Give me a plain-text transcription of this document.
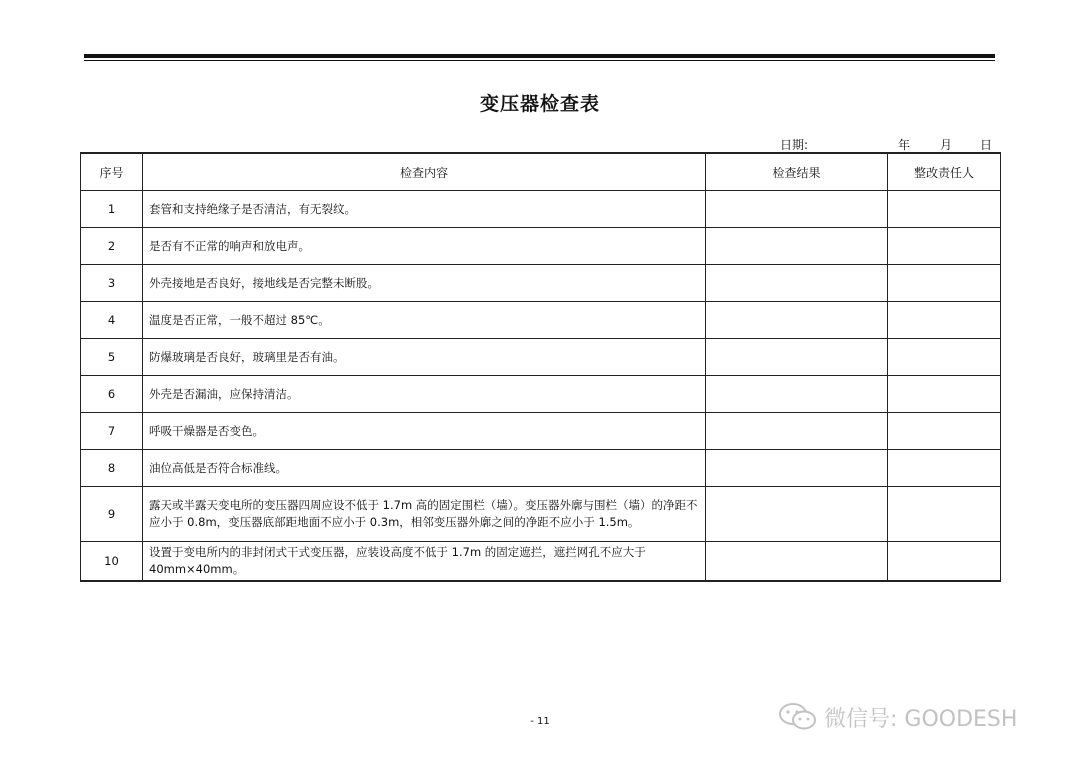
变压器检查表
日期:	年 月 日
序号	检查内容	检查结果	整改责任人
1	套管和支持绝缘子是否清洁，有无裂纹。		
2	是否有不正常的响声和放电声。		
3	外壳接地是否良好，接地线是否完整未断股。		
4	温度是否正常，一般不超过 85℃。		
5	防爆玻璃是否良好，玻璃里是否有油。		
6	外壳是否漏油，应保持清洁。		
7	呼吸干燥器是否变色。		
8	油位高低是否符合标准线。		
9	露天或半露天变电所的变压器四周应设不低于 1.7m 高的固定围栏（墙）。变压器外廓与围栏（墙）的净距不应小于 0.8m，变压器底部距地面不应小于 0.3m，相邻变压器外廓之间的净距不应小于 1.5m。		
10	设置于变电所内的非封闭式干式变压器，应装设高度不低于 1.7m 的固定遮拦，遮拦网孔不应大于 40mm×40mm。		
- 11	微信号: GOODESH
